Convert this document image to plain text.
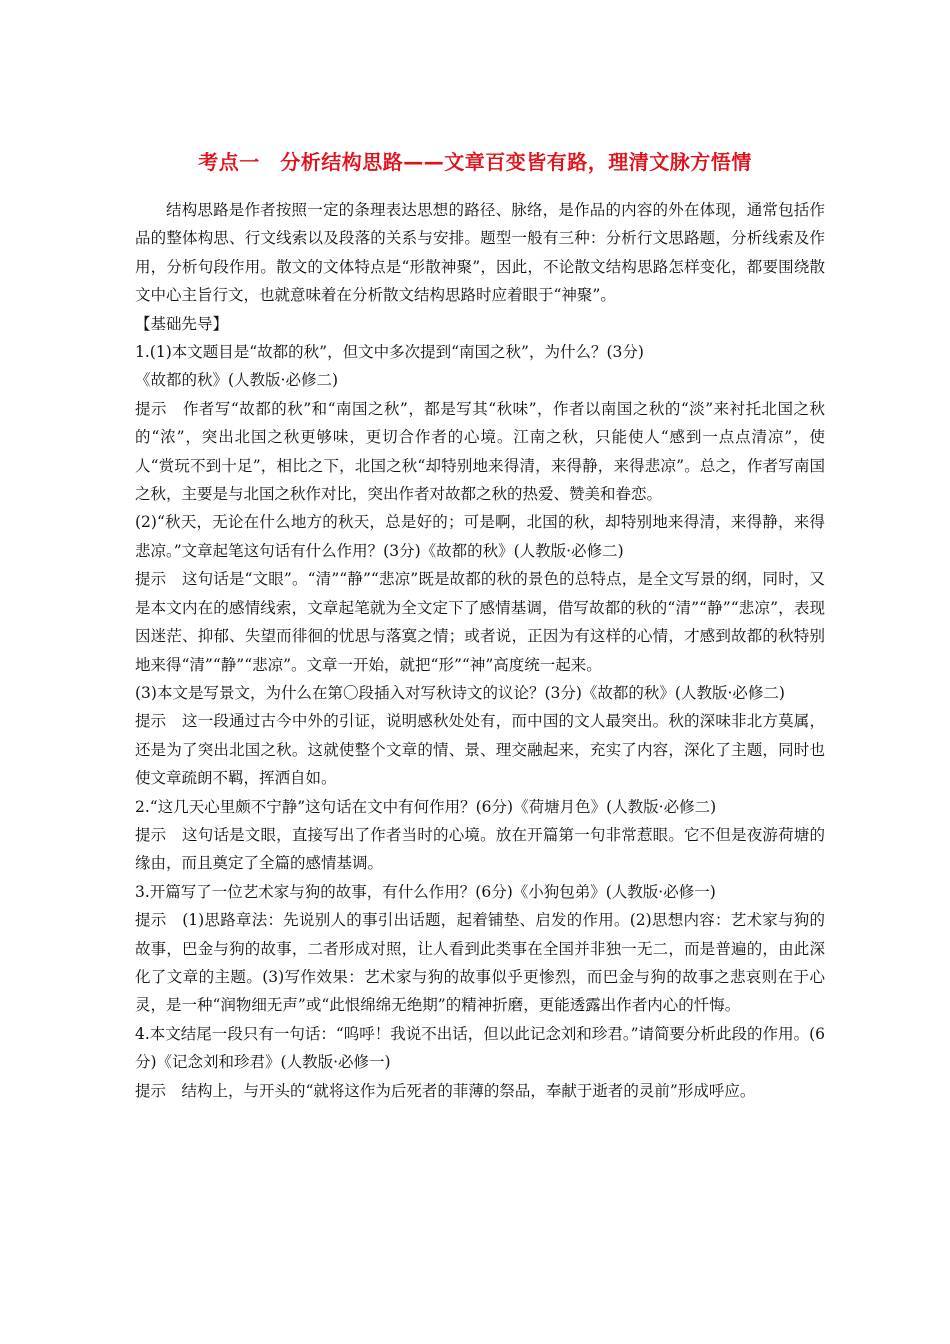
考点一　分析结构思路——文章百变皆有路，理清文脉方悟情

结构思路是作者按照一定的条理表达思想的路径、脉络，是作品的内容的外在体现，通常包括作品的整体构思、行文线索以及段落的关系与安排。题型一般有三种：分析行文思路题，分析线索及作用，分析句段作用。散文的文体特点是“形散神聚”，因此，不论散文结构思路怎样变化，都要围绕散文中心主旨行文，也就意味着在分析散文结构思路时应着眼于“神聚”。

【基础先导】

1.(1)本文题目是“故都的秋”，但文中多次提到“南国之秋”，为什么？(3分)

《故都的秋》(人教版·必修二)

提示　作者写“故都的秋”和“南国之秋”，都是写其“秋味”，作者以南国之秋的“淡”来衬托北国之秋的“浓”，突出北国之秋更够味，更切合作者的心境。江南之秋，只能使人“感到一点点清凉”，使人“赏玩不到十足”，相比之下，北国之秋“却特别地来得清，来得静，来得悲凉”。总之，作者写南国之秋，主要是与北国之秋作对比，突出作者对故都之秋的热爱、赞美和眷恋。

(2)“秋天，无论在什么地方的秋天，总是好的；可是啊，北国的秋，却特别地来得清，来得静，来得悲凉。”文章起笔这句话有什么作用？(3分)《故都的秋》(人教版·必修二)

提示　这句话是“文眼”。“清”“静”“悲凉”既是故都的秋的景色的总特点，是全文写景的纲，同时，又是本文内在的感情线索，文章起笔就为全文定下了感情基调，借写故都的秋的“清”“静”“悲凉”，表现因迷茫、抑郁、失望而徘徊的忧思与落寞之情；或者说，正因为有这样的心情，才感到故都的秋特别地来得“清”“静”“悲凉”。文章一开始，就把“形”“神”高度统一起来。

(3)本文是写景文，为什么在第〇段插入对写秋诗文的议论？(3分)《故都的秋》(人教版·必修二)

提示　这一段通过古今中外的引证，说明感秋处处有，而中国的文人最突出。秋的深味非北方莫属，还是为了突出北国之秋。这就使整个文章的情、景、理交融起来，充实了内容，深化了主题，同时也使文章疏朗不羁，挥洒自如。

2.“这几天心里颇不宁静”这句话在文中有何作用？(6分)《荷塘月色》(人教版·必修二)

提示　这句话是文眼，直接写出了作者当时的心境。放在开篇第一句非常惹眼。它不但是夜游荷塘的缘由，而且奠定了全篇的感情基调。

3.开篇写了一位艺术家与狗的故事，有什么作用？(6分)《小狗包弟》(人教版·必修一)

提示　(1)思路章法：先说别人的事引出话题，起着铺垫、启发的作用。(2)思想内容：艺术家与狗的故事，巴金与狗的故事，二者形成对照，让人看到此类事在全国并非独一无二，而是普遍的，由此深化了文章的主题。(3)写作效果：艺术家与狗的故事似乎更惨烈，而巴金与狗的故事之悲哀则在于心灵，是一种“润物细无声”或“此恨绵绵无绝期”的精神折磨，更能透露出作者内心的忏悔。

4.本文结尾一段只有一句话：“呜呼！我说不出话，但以此记念刘和珍君。”请简要分析此段的作用。(6分)《记念刘和珍君》(人教版·必修一)

提示　结构上，与开头的“就将这作为后死者的菲薄的祭品，奉献于逝者的灵前”形成呼应。
